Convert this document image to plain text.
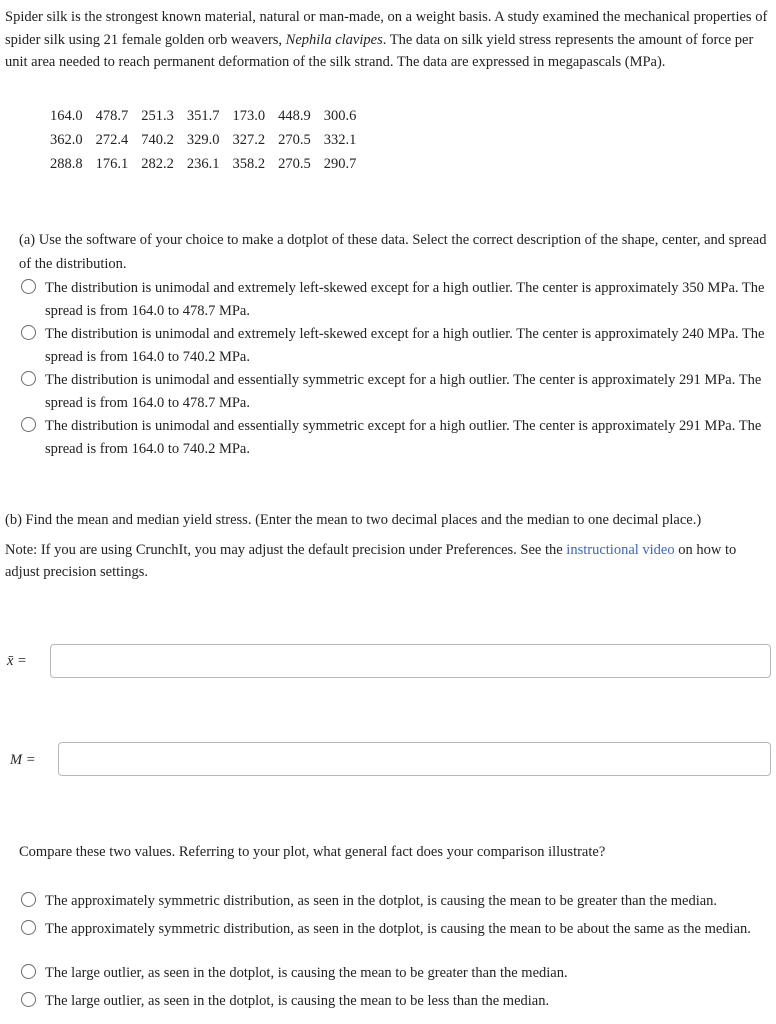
Spider silk is the strongest known material, natural or man-made, on a weight basis. A study examined the mechanical properties of spider silk using 21 female golden orb weavers, Nephila clavipes. The data on silk yield stress represents the amount of force per unit area needed to reach permanent deformation of the silk strand. The data are expressed in megapascals (MPa).
164.0	478.7	251.3	351.7	173.0	448.9	300.6
362.0	272.4	740.2	329.0	327.2	270.5	332.1
288.8	176.1	282.2	236.1	358.2	270.5	290.7
(a) Use the software of your choice to make a dotplot of these data. Select the correct description of the shape, center, and spread of the distribution.
The distribution is unimodal and extremely left-skewed except for a high outlier. The center is approximately 350 MPa. The spread is from 164.0 to 478.7 MPa.
The distribution is unimodal and extremely left-skewed except for a high outlier. The center is approximately 240 MPa. The spread is from 164.0 to 740.2 MPa.
The distribution is unimodal and essentially symmetric except for a high outlier. The center is approximately 291 MPa. The spread is from 164.0 to 478.7 MPa.
The distribution is unimodal and essentially symmetric except for a high outlier. The center is approximately 291 MPa. The spread is from 164.0 to 740.2 MPa.
(b) Find the mean and median yield stress. (Enter the mean to two decimal places and the median to one decimal place.)
Note: If you are using CrunchIt, you may adjust the default precision under Preferences. See the instructional video on how to adjust precision settings.
x̄ =
M =
Compare these two values. Referring to your plot, what general fact does your comparison illustrate?
The approximately symmetric distribution, as seen in the dotplot, is causing the mean to be greater than the median.
The approximately symmetric distribution, as seen in the dotplot, is causing the mean to be about the same as the median.
The large outlier, as seen in the dotplot, is causing the mean to be greater than the median.
The large outlier, as seen in the dotplot, is causing the mean to be less than the median.
